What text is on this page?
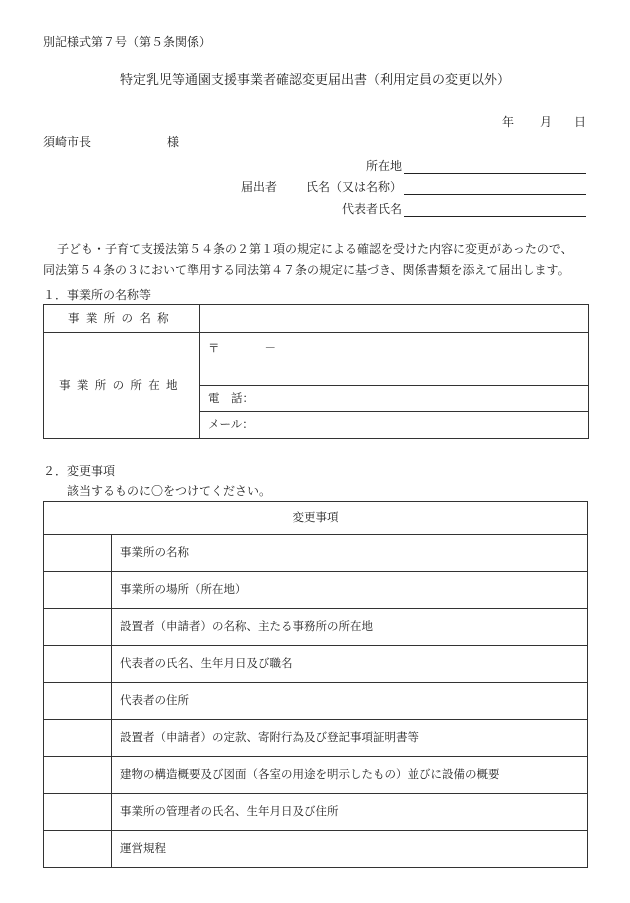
別記様式第７号（第５条関係）
特定乳児等通園支援事業者確認変更届出書（利用定員の変更以外）
年 月 日
須崎市長	様
所在地
届出者 氏名（又は名称）
代表者氏名
子ども・子育て支援法第５４条の２第１項の規定による確認を受けた内容に変更があったので、
同法第５４条の３において準用する同法第４７条の規定に基づき、関係書類を添えて届出します。
１．事業所の名称等
事業所の名称	
事業所の所在地	〒 －
	電　話：
	メール：
２．変更事項
該当するものに〇をつけてください。
変更事項	
	事業所の名称
	事業所の場所（所在地）
	設置者（申請者）の名称、主たる事務所の所在地
	代表者の氏名、生年月日及び職名
	代表者の住所
	設置者（申請者）の定款、寄附行為及び登記事項証明書等
	建物の構造概要及び図面（各室の用途を明示したもの）並びに設備の概要
	事業所の管理者の氏名、生年月日及び住所
	運営規程
